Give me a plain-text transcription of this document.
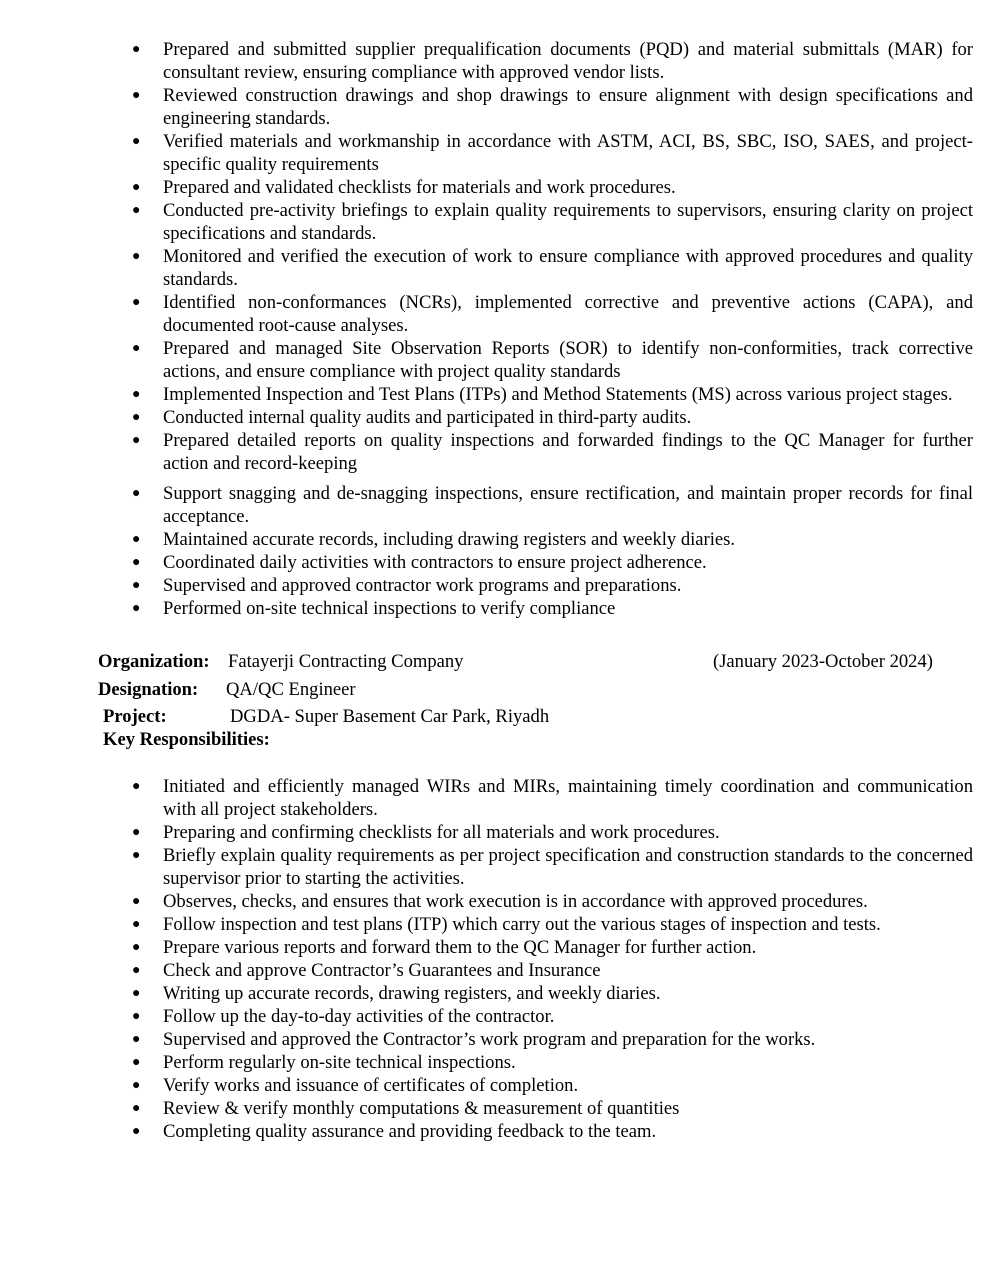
● Prepared and submitted supplier prequalification documents (PQD) and material submittals (MAR) for consultant review, ensuring compliance with approved vendor lists.
● Reviewed construction drawings and shop drawings to ensure alignment with design specifications and engineering standards.
● Verified materials and workmanship in accordance with ASTM, ACI, BS, SBC, ISO, SAES, and project-specific quality requirements
● Prepared and validated checklists for materials and work procedures.
● Conducted pre-activity briefings to explain quality requirements to supervisors, ensuring clarity on project specifications and standards.
● Monitored and verified the execution of work to ensure compliance with approved procedures and quality standards.
● Identified non-conformances (NCRs), implemented corrective and preventive actions (CAPA), and documented root-cause analyses.
● Prepared and managed Site Observation Reports (SOR) to identify non-conformities, track corrective actions, and ensure compliance with project quality standards
● Implemented Inspection and Test Plans (ITPs) and Method Statements (MS) across various project stages.
● Conducted internal quality audits and participated in third-party audits.
● Prepared detailed reports on quality inspections and forwarded findings to the QC Manager for further action and record-keeping
● Support snagging and de-snagging inspections, ensure rectification, and maintain proper records for final acceptance.
● Maintained accurate records, including drawing registers and weekly diaries.
● Coordinated daily activities with contractors to ensure project adherence.
● Supervised and approved contractor work programs and preparations.
● Performed on-site technical inspections to verify compliance
Organization: Fatayerji Contracting Company	(January 2023-October 2024)
Designation: QA/QC Engineer
Project:	DGDA- Super Basement Car Park, Riyadh
Key Responsibilities:
● Initiated and efficiently managed WIRs and MIRs, maintaining timely coordination and communication with all project stakeholders.
● Preparing and confirming checklists for all materials and work procedures.
● Briefly explain quality requirements as per project specification and construction standards to the concerned supervisor prior to starting the activities.
● Observes, checks, and ensures that work execution is in accordance with approved procedures.
● Follow inspection and test plans (ITP) which carry out the various stages of inspection and tests.
● Prepare various reports and forward them to the QC Manager for further action.
● Check and approve Contractor’s Guarantees and Insurance
● Writing up accurate records, drawing registers, and weekly diaries.
● Follow up the day-to-day activities of the contractor.
● Supervised and approved the Contractor’s work program and preparation for the works.
● Perform regularly on-site technical inspections.
● Verify works and issuance of certificates of completion.
● Review & verify monthly computations & measurement of quantities
● Completing quality assurance and providing feedback to the team.
